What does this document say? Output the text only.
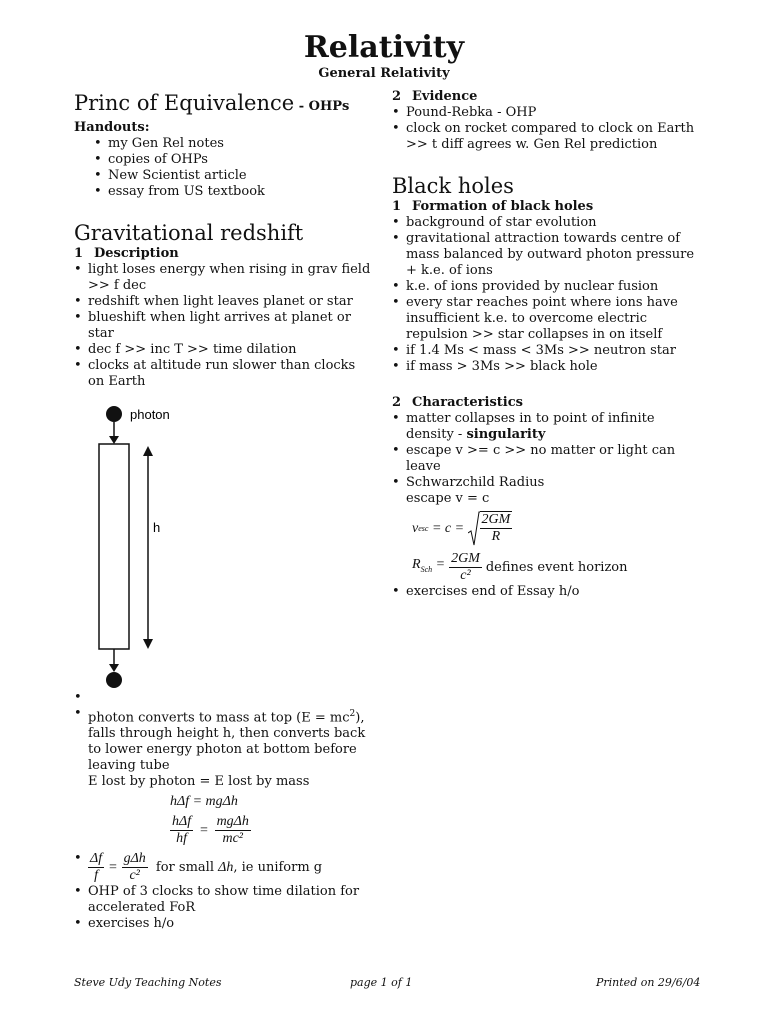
Relativity
General Relativity
Princ of Equivalence - OHPs
Handouts:
• my Gen Rel notes
• copies of OHPs
• New Scientist article
• essay from US textbook
Gravitational redshift
1 Description
• light loses energy when rising in grav field >> f dec
• redshift when light leaves planet or star
• blueshift when light arrives at planet or star
• dec f >> inc T >> time dilation
• clocks at altitude run slower than clocks on Earth
photon
h
•
• photon converts to mass at top $(E = mc^2)$, falls through height h, then converts back to lower energy photon at bottom before leaving tube
E lost by photon = E lost by mass
hΔf = mgΔh
$\frac{\text{hΔf}}{hf} = \frac{\text{mgΔh}}{\text{mc²}}$
• $\frac{\Delta f}{f} = \frac{\text{gΔh}}{\text{c²}}$ for small Δh, ie uniform g
• OHP of 3 clocks to show time dilation for accelerated FoR
• exercises h/o
2 Evidence
• Pound-Rebka - OHP
• clock on rocket compared to clock on Earth >> t diff agrees w. Gen Rel prediction
Black holes
1 Formation of black holes
• background of star evolution
• gravitational attraction towards centre of mass balanced by outward photon pressure + k.e. of ions
• k.e. of ions provided by nuclear fusion
• every star reaches point where ions have insufficient k.e. to overcome electric repulsion >> star collapses in on itself
• if 1.4 Ms < mass < 3Ms >> neutron star
• if mass > 3Ms >> black hole
2 Characteristics
• matter collapses in to point of infinite density - singularity
• escape v >= c >> no matter or light can leave
• Schwarzchild Radius
escape v = c
v esc = $c = \frac{2GM}{R}$
$R_{Sch} = \frac{2GM}{\text{c²}}$ defines event horizon
• exercises end of Essay h/o
Steve Udy Teaching Notes	page 1 of 1	Printed on 29/6/04
